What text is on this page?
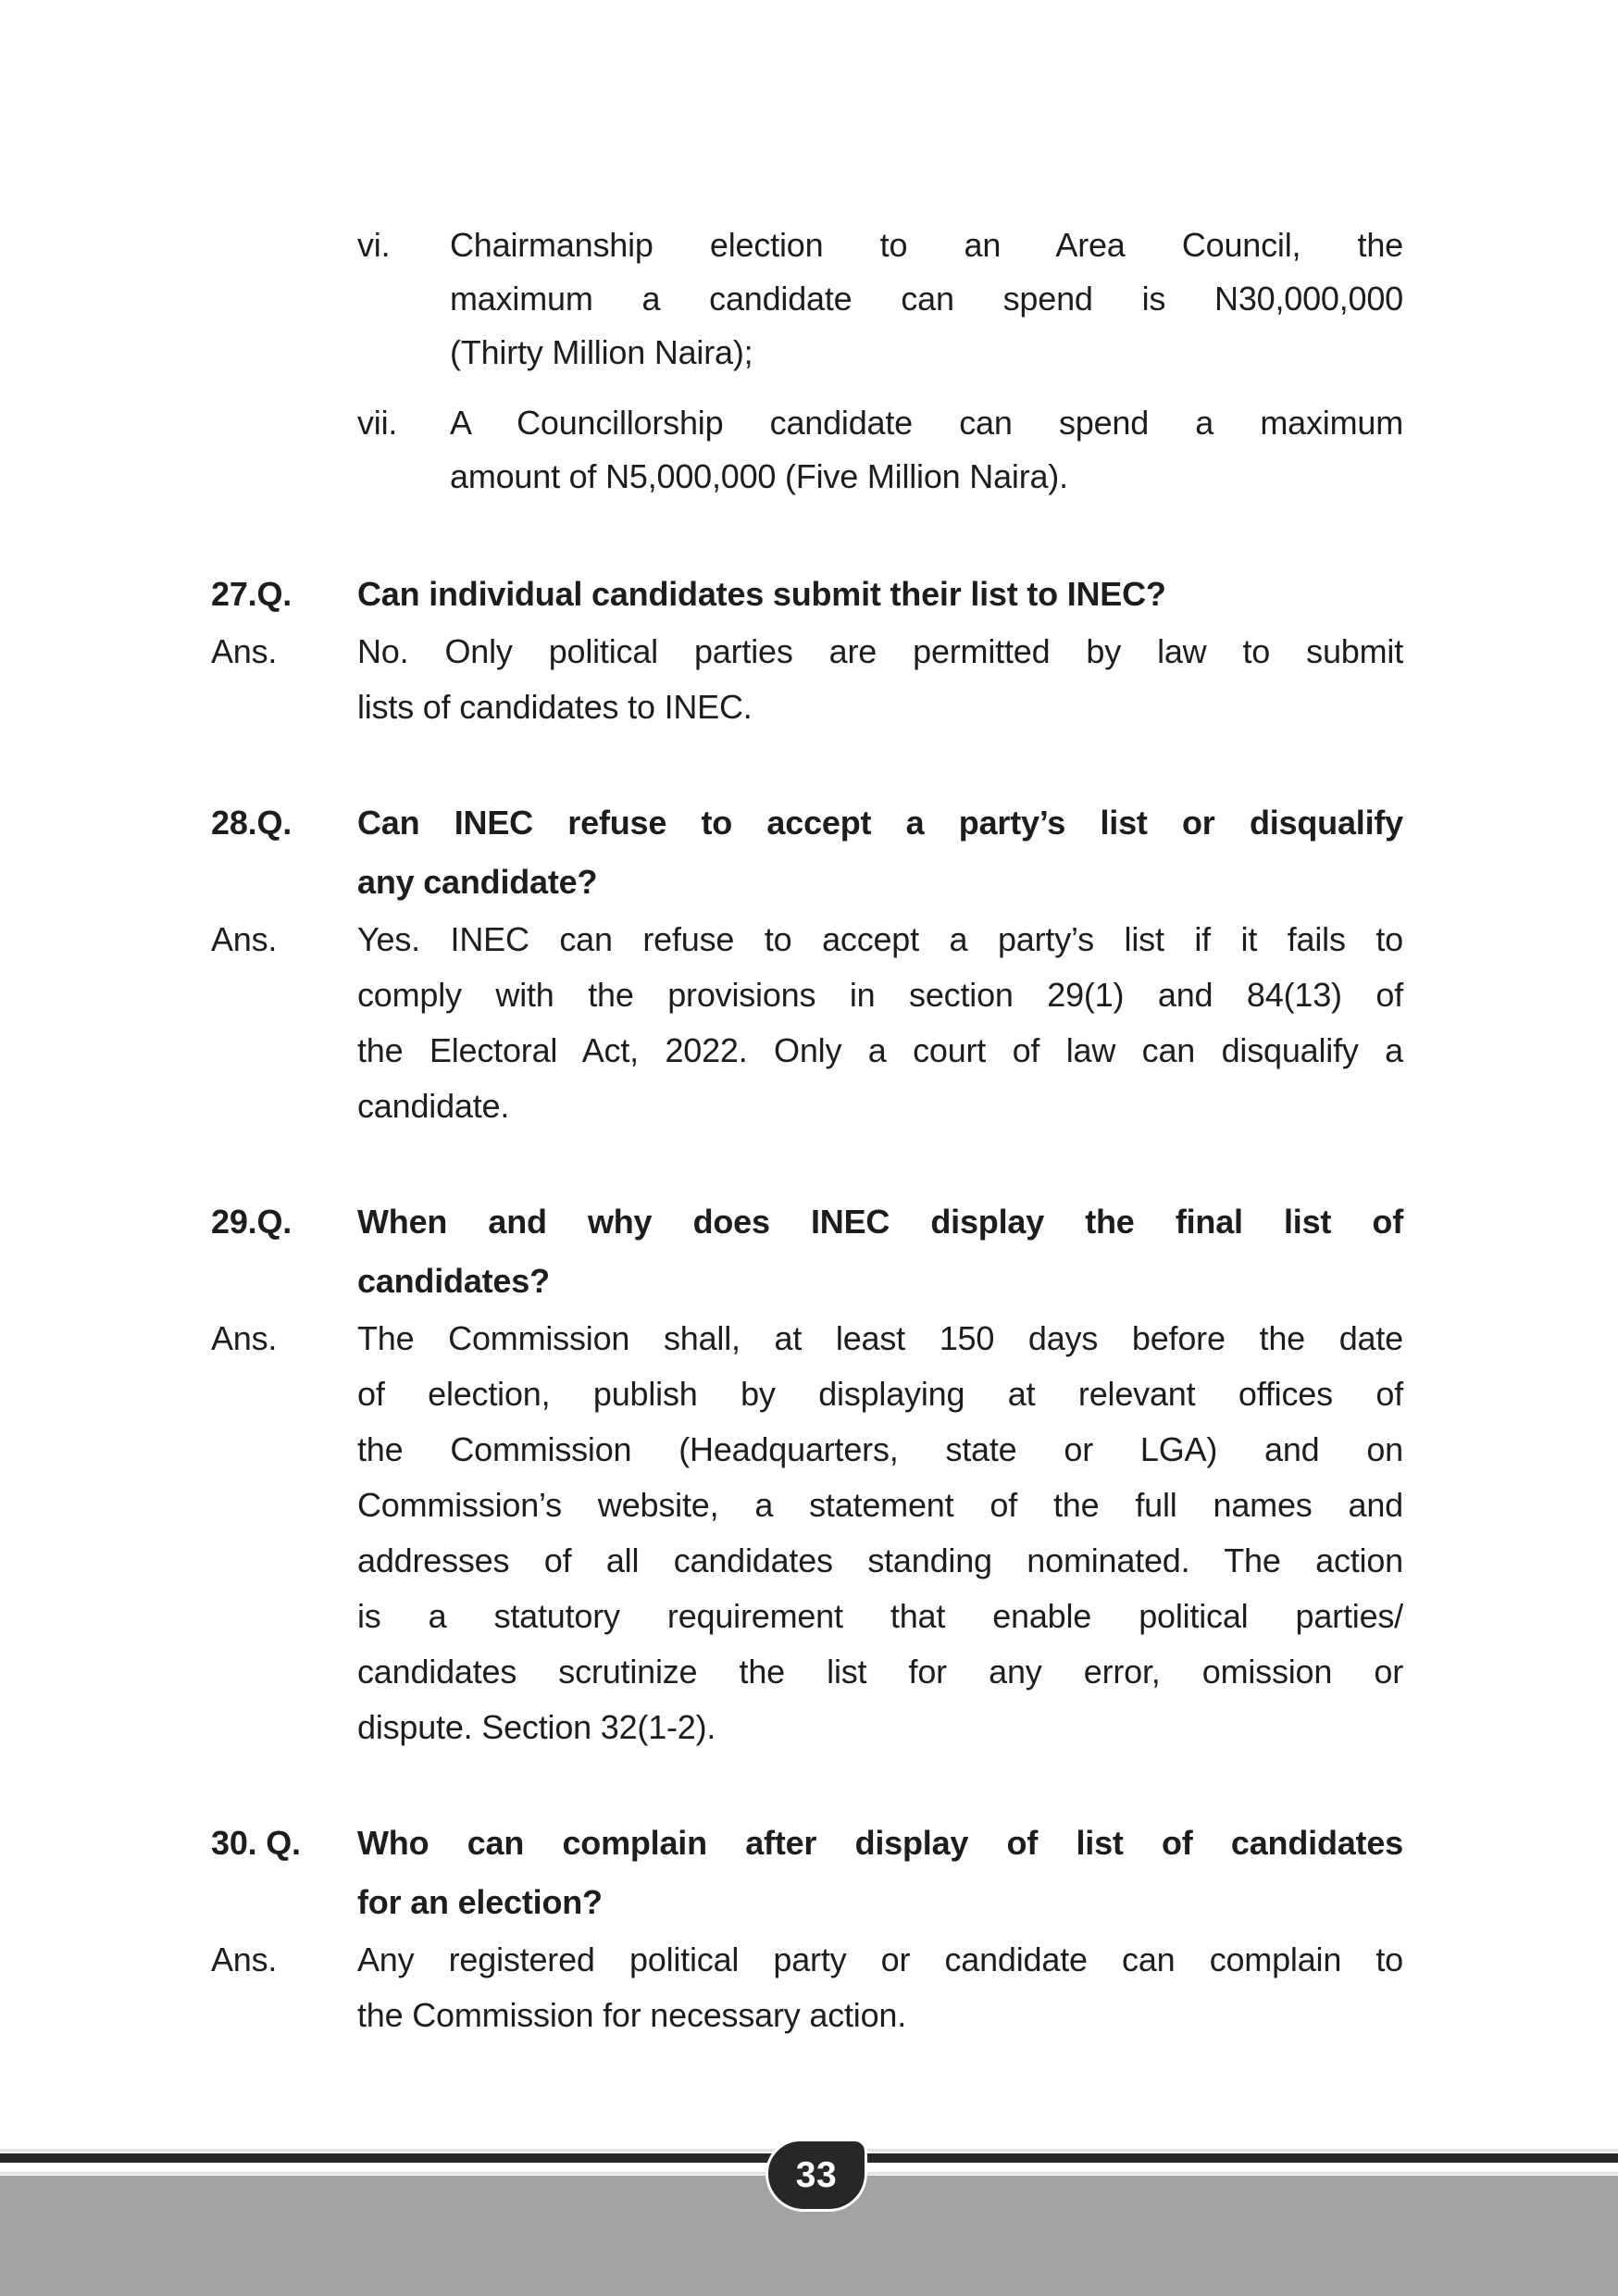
vi.	Chairmanship election to an Area Council, the
maximum a candidate can spend is N30,000,000
(Thirty Million Naira);
vii.	A Councillorship candidate can spend a maximum
amount of N5,000,000 (Five Million Naira).
27.Q.	Can individual candidates submit their list to INEC?
Ans.	No. Only political parties are permitted by law to submit
lists of candidates to INEC.
28.Q.	Can INEC refuse to accept a party’s list or disqualify
any candidate?
Ans.	Yes. INEC can refuse to accept a party’s list if it fails to
comply with the provisions in section 29(1) and 84(13) of
the Electoral Act, 2022. Only a court of law can disqualify a
candidate.
29.Q.	When and why does INEC display the final list of
candidates?
Ans.	The Commission shall, at least 150 days before the date
of election, publish by displaying at relevant offices of
the Commission (Headquarters, state or LGA) and on
Commission’s website, a statement of the full names and
addresses of all candidates standing nominated. The action
is a statutory requirement that enable political parties/
candidates scrutinize the list for any error, omission or
dispute. Section 32(1-2).
30. Q.	Who can complain after display of list of candidates
for an election?
Ans.	Any registered political party or candidate can complain to
the Commission for necessary action.
33
